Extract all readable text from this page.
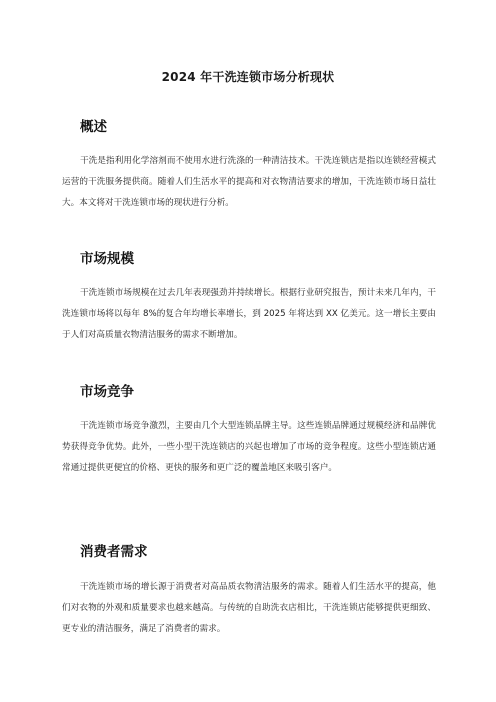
2024 年干洗连锁市场分析现状
概述

干洗是指利用化学溶剂而不使用水进行洗涤的一种清洁技术。干洗连锁店是指以连锁经营模式运营的干洗服务提供商。随着人们生活水平的提高和对衣物清洁要求的增加，干洗连锁市场日益壮大。本文将对干洗连锁市场的现状进行分析。

市场规模

干洗连锁市场规模在过去几年表现强劲并持续增长。根据行业研究报告，预计未来几年内，干洗连锁市场将以每年 8%的复合年均增长率增长，到 2025 年将达到 XX 亿美元。这一增长主要由于人们对高质量衣物清洁服务的需求不断增加。

市场竞争

干洗连锁市场竞争激烈，主要由几个大型连锁品牌主导。这些连锁品牌通过规模经济和品牌优势获得竞争优势。此外，一些小型干洗连锁店的兴起也增加了市场的竞争程度。这些小型连锁店通常通过提供更便宜的价格、更快的服务和更广泛的覆盖地区来吸引客户。

消费者需求

干洗连锁市场的增长源于消费者对高品质衣物清洁服务的需求。随着人们生活水平的提高，他们对衣物的外观和质量要求也越来越高。与传统的自助洗衣店相比，干洗连锁店能够提供更细致、更专业的清洁服务，满足了消费者的需求。
